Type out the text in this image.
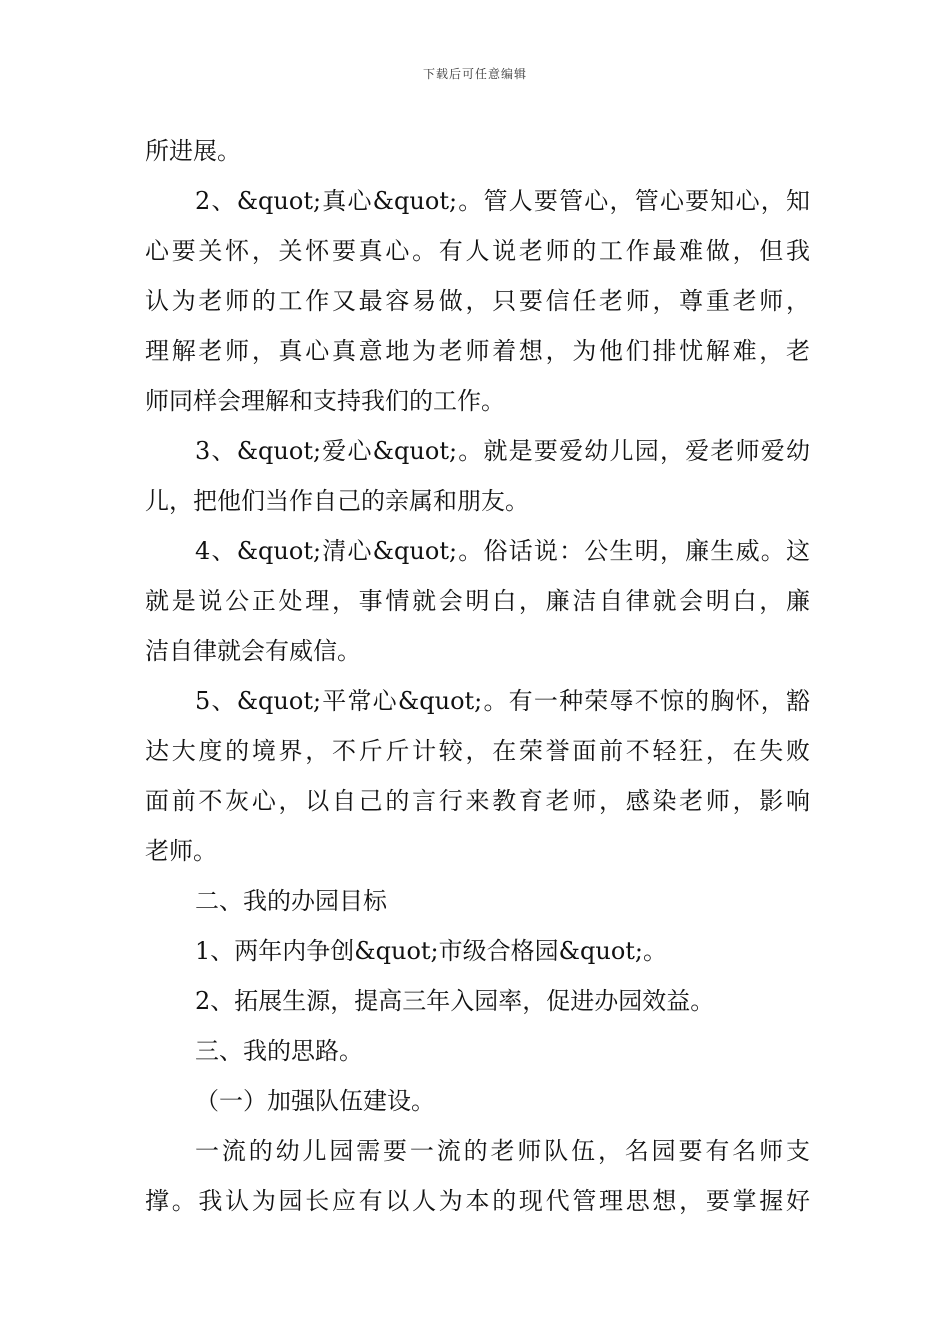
下载后可任意编辑
所进展。
2、&quot;真心&quot;。管人要管心，管心要知心，知
心要关怀，关怀要真心。有人说老师的工作最难做，但我
认为老师的工作又最容易做，只要信任老师，尊重老师，
理解老师，真心真意地为老师着想，为他们排忧解难，老
师同样会理解和支持我们的工作。
3、&quot;爱心&quot;。就是要爱幼儿园，爱老师爱幼
儿，把他们当作自己的亲属和朋友。
4、&quot;清心&quot;。俗话说：公生明，廉生威。这
就是说公正处理，事情就会明白，廉洁自律就会明白，廉
洁自律就会有威信。
5、&quot;平常心&quot;。有一种荣辱不惊的胸怀，豁
达大度的境界，不斤斤计较，在荣誉面前不轻狂，在失败
面前不灰心，以自己的言行来教育老师，感染老师，影响
老师。
二、我的办园目标
1、两年内争创&quot;市级合格园&quot;。
2、拓展生源，提高三年入园率，促进办园效益。
三、我的思路。
（一）加强队伍建设。
一流的幼儿园需要一流的老师队伍，名园要有名师支
撑。我认为园长应有以人为本的现代管理思想，要掌握好
